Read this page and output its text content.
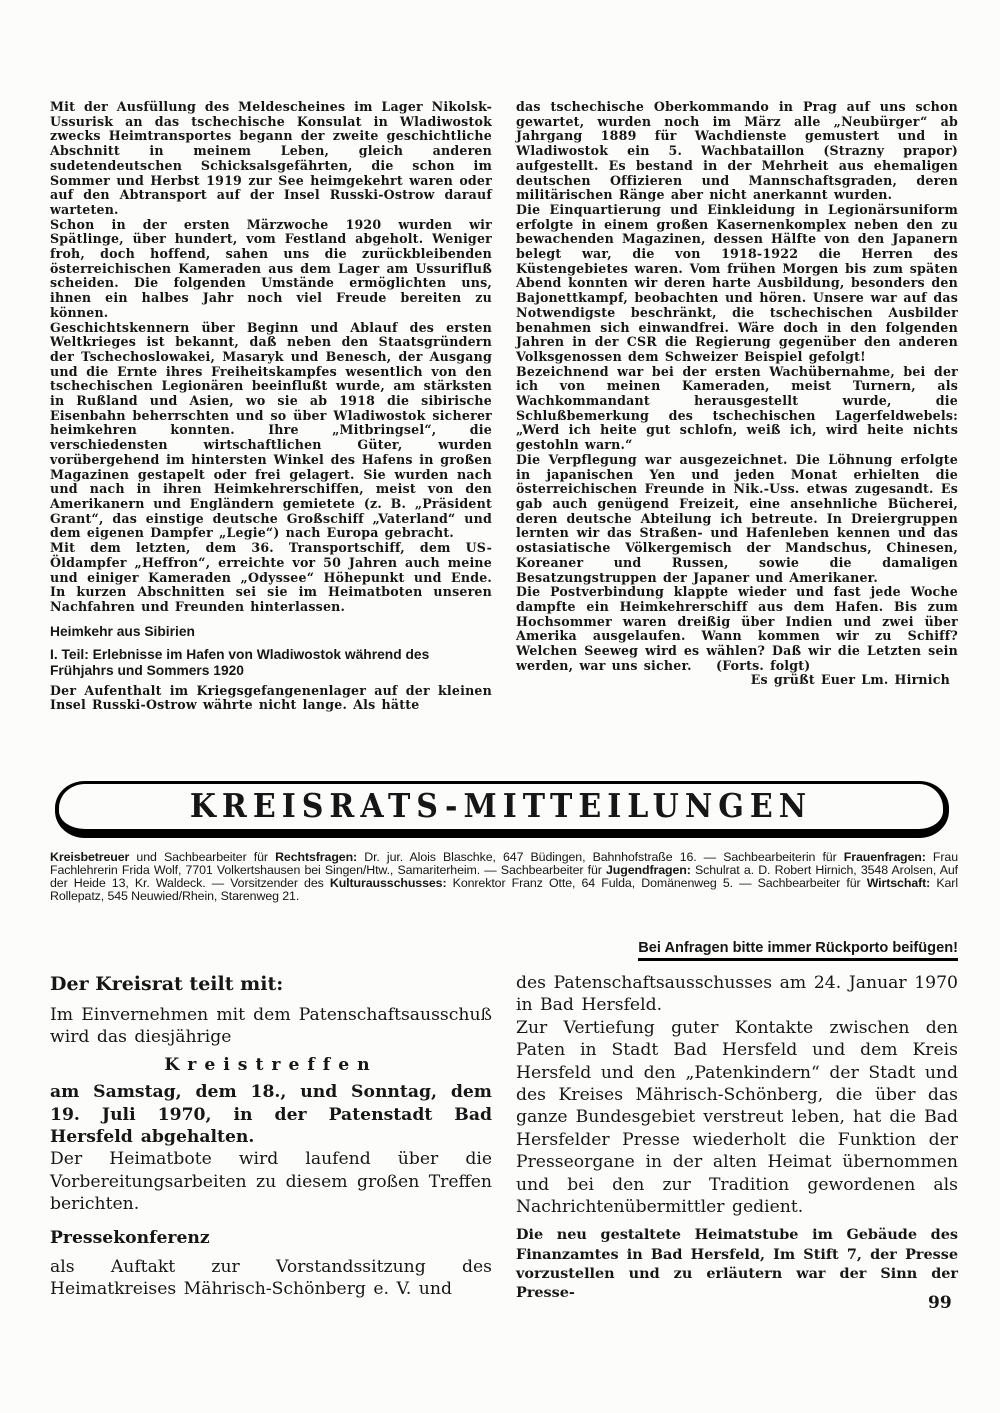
Mit der Ausfüllung des Meldescheines im Lager Nikolsk-Ussurisk an das tschechische Konsulat in Wladiwostok zwecks Heimtransportes begann der zweite geschichtliche Abschnitt in meinem Leben, gleich anderen sudetendeutschen Schicksalsgefährten, die schon im Sommer und Herbst 1919 zur See heimgekehrt waren oder auf den Abtransport auf der Insel Russki-Ostrow darauf warteten.

Schon in der ersten Märzwoche 1920 wurden wir Spätlinge, über hundert, vom Festland abgeholt. Weniger froh, doch hoffend, sahen uns die zurückbleibenden österreichischen Kameraden aus dem Lager am Ussurifluß scheiden. Die folgenden Umstände ermöglichten uns, ihnen ein halbes Jahr noch viel Freude bereiten zu können.

Geschichtskennern über Beginn und Ablauf des ersten Weltkrieges ist bekannt, daß neben den Staatsgründern der Tschechoslowakei, Masaryk und Benesch, der Ausgang und die Ernte ihres Freiheitskampfes wesentlich von den tschechischen Legionären beeinflußt wurde, am stärksten in Rußland und Asien, wo sie ab 1918 die sibirische Eisenbahn beherrschten und so über Wladiwostok sicherer heimkehren konnten. Ihre „Mitbringsel“, die verschiedensten wirtschaftlichen Güter, wurden vorübergehend im hintersten Winkel des Hafens in großen Magazinen gestapelt oder frei gelagert. Sie wurden nach und nach in ihren Heimkehrerschiffen, meist von den Amerikanern und Engländern gemietete (z. B. „Präsident Grant“, das einstige deutsche Großschiff „Vaterland“ und dem eigenen Dampfer „Legie“) nach Europa gebracht.

Mit dem letzten, dem 36. Transportschiff, dem US-Öldampfer „Heffron“, erreichte vor 50 Jahren auch meine und einiger Kameraden „Odyssee“ Höhepunkt und Ende. In kurzen Abschnitten sei sie im Heimatboten unseren Nachfahren und Freunden hinterlassen.

Heimkehr aus Sibirien
I. Teil: Erlebnisse im Hafen von Wladiwostok während des Frühjahrs und Sommers 1920

Der Aufenthalt im Kriegsgefangenenlager auf der kleinen Insel Russki-Ostrow währte nicht lange. Als hätte

das tschechische Oberkommando in Prag auf uns schon gewartet, wurden noch im März alle „Neubürger“ ab Jahrgang 1889 für Wachdienste gemustert und in Wladiwostok ein 5. Wachbataillon (Strazny prapor) aufgestellt. Es bestand in der Mehrheit aus ehemaligen deutschen Offizieren und Mannschaftsgraden, deren militärischen Ränge aber nicht anerkannt wurden.

Die Einquartierung und Einkleidung in Legionärsuniform erfolgte in einem großen Kasernenkomplex neben den zu bewachenden Magazinen, dessen Hälfte von den Japanern belegt war, die von 1918-1922 die Herren des Küstengebietes waren. Vom frühen Morgen bis zum späten Abend konnten wir deren harte Ausbildung, besonders den Bajonettkampf, beobachten und hören. Unsere war auf das Notwendigste beschränkt, die tschechischen Ausbilder benahmen sich einwandfrei. Wäre doch in den folgenden Jahren in der CSR die Regierung gegenüber den anderen Volksgenossen dem Schweizer Beispiel gefolgt!

Bezeichnend war bei der ersten Wachübernahme, bei der ich von meinen Kameraden, meist Turnern, als Wachkommandant herausgestellt wurde, die Schlußbemerkung des tschechischen Lagerfeldwebels: „Werd ich heite gut schlofn, weiß ich, wird heite nichts gestohln warn.“

Die Verpflegung war ausgezeichnet. Die Löhnung erfolgte in japanischen Yen und jeden Monat erhielten die österreichischen Freunde in Nik.-Uss. etwas zugesandt. Es gab auch genügend Freizeit, eine ansehnliche Bücherei, deren deutsche Abteilung ich betreute. In Dreiergruppen lernten wir das Straßen- und Hafenleben kennen und das ostasiatische Völkergemisch der Mandschus, Chinesen, Koreaner und Russen, sowie die damaligen Besatzungstruppen der Japaner und Amerikaner.

Die Postverbindung klappte wieder und fast jede Woche dampfte ein Heimkehrerschiff aus dem Hafen. Bis zum Hochsommer waren dreißig über Indien und zwei über Amerika ausgelaufen. Wann kommen wir zu Schiff? Welchen Seeweg wird es wählen? Daß wir die Letzten sein werden, war uns sicher.    (Forts. folgt)

Es grüßt Euer Lm. Hirnich

KREISRATS-MITTEILUNGEN

Kreisbetreuer und Sachbearbeiter für Rechtsfragen: Dr. jur. Alois Blaschke, 647 Büdingen, Bahnhofstraße 16. — Sachbearbeiterin für Frauenfragen: Frau Fachlehrerin Frida Wolf, 7701 Volkertshausen bei Singen/Htw., Samariterheim. — Sachbearbeiter für Jugendfragen: Schulrat a. D. Robert Hirnich, 3548 Arolsen, Auf der Heide 13, Kr. Waldeck. — Vorsitzender des Kulturausschusses: Konrektor Franz Otte, 64 Fulda, Domänenweg 5. — Sachbearbeiter für Wirtschaft: Karl Rollepatz, 545 Neuwied/Rhein, Starenweg 21.

Bei Anfragen bitte immer Rückporto beifügen!
Der Kreisrat teilt mit:

Im Einvernehmen mit dem Patenschaftsausschuß wird das diesjährige

Kreistreffen

am Samstag, dem 18., und Sonntag, dem 19. Juli 1970, in der Patenstadt Bad Hersfeld abgehalten.

Der Heimatbote wird laufend über die Vorbereitungsarbeiten zu diesem großen Treffen berichten.

Pressekonferenz

als Auftakt zur Vorstandssitzung des Heimatkreises Mährisch-Schönberg e. V. und

des Patenschaftsausschusses am 24. Januar 1970 in Bad Hersfeld.

Zur Vertiefung guter Kontakte zwischen den Paten in Stadt Bad Hersfeld und dem Kreis Hersfeld und den „Patenkindern“ der Stadt und des Kreises Mährisch-Schönberg, die über das ganze Bundesgebiet verstreut leben, hat die Bad Hersfelder Presse wiederholt die Funktion der Presseorgane in der alten Heimat übernommen und bei den zur Tradition gewordenen als Nachrichtenübermittler gedient.

Die neu gestaltete Heimatstube im Gebäude des Finanzamtes in Bad Hersfeld, Im Stift 7, der Presse vorzustellen und zu erläutern war der Sinn der Presse-

99
